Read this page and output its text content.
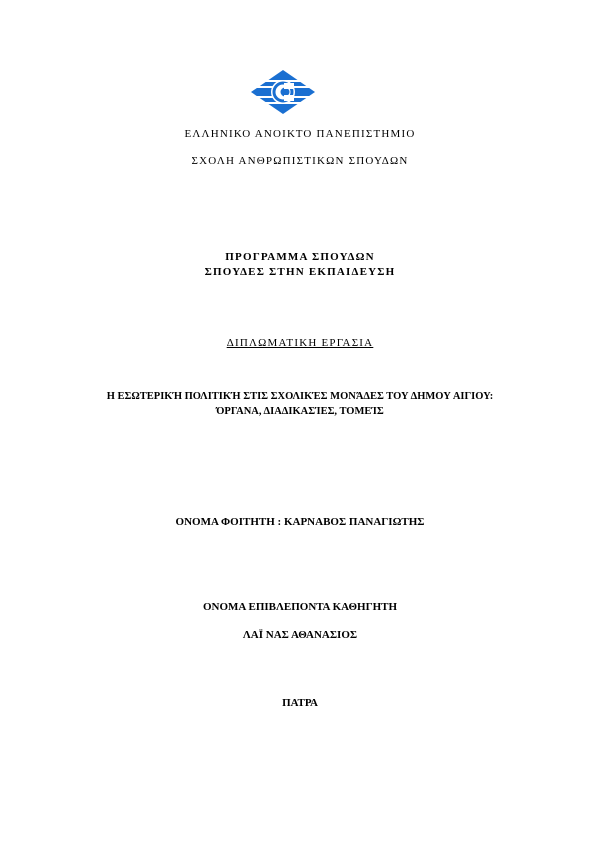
ΕΛΛΗΝΙΚΟ ΑΝΟΙΚΤΟ ΠΑΝΕΠΙΣΤΗΜΙΟ
ΣΧΟΛΗ ΑΝΘΡΩΠΙΣΤΙΚΩΝ ΣΠΟΥΔΩΝ
ΠΡΟΓΡΑΜΜΑ ΣΠΟΥΔΩΝ
ΣΠΟΥΔΕΣ ΣΤΗΝ ΕΚΠΑΙΔΕΥΣΗ
ΔΙΠΛΩΜΑΤΙΚΗ ΕΡΓΑΣΙΑ
Η ΕΣΩΤΕΡΙΚΉ ΠΟΛΙΤΙΚΉ ΣΤΙΣ ΣΧΟΛΙΚΈΣ ΜΟΝΆΔΕΣ ΤΟΥ ΔΗΜΟΥ ΑΙΓΙΟΥ:
ΌΡΓΑΝΑ, ΔΙΑΔΙΚΑΣΊΕΣ, ΤΟΜΕΊΣ
ΟΝΟΜΑ ΦΟΙΤΗΤΗ : ΚΑΡΝΑΒΟΣ ΠΑΝΑΓΙΩΤΗΣ
ΟΝΟΜΑ ΕΠΙΒΛΕΠΟΝΤΑ ΚΑΘΗΓΗΤΗ
ΛΑΪ ΝΑΣ ΑΘΑΝΑΣΙΟΣ
ΠΑΤΡΑ
